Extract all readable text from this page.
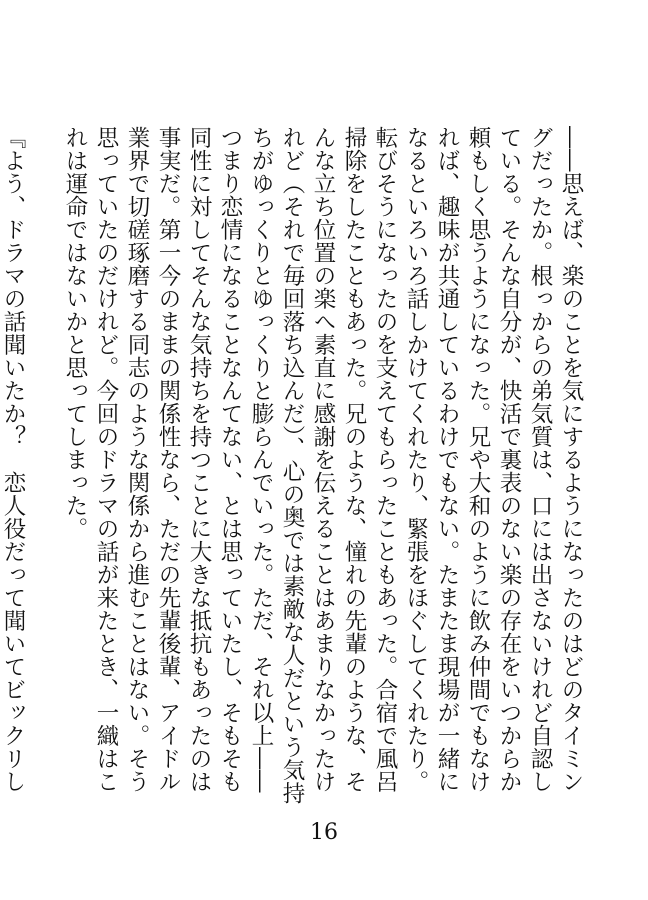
――思えば、楽のことを気にするようになったのはどのタイミングだったか。根っからの弟気質は、口には出さないけれど自認している。そんな自分が、快活で裏表のない楽の存在をいつからか頼もしく思うようになった。兄や大和のように飲み仲間でもなければ、趣味が共通しているわけでもない。たまたま現場が一緒になるといろいろ話しかけてくれたり、緊張をほぐしてくれたり。転びそうになったのを支えてもらったこともあった。合宿で風呂掃除をしたこともあった。兄のような、憧れの先輩のような、そんな立ち位置の楽へ素直に感謝を伝えることはあまりなかったけれど（それで毎回落ち込んだ）、心の奥では素敵な人だという気持ちがゆっくりとゆっくりと膨らんでいった。ただ、それ以上――つまり恋情になることなんてない、とは思っていたし、そもそも同性に対してそんな気持ちを持つことに大きな抵抗もあったのは事実だ。第一今のままの関係性なら、ただの先輩後輩、アイドル業界で切磋琢磨する同志のような関係から進むことはない。そう思っていたのだけれど。今回のドラマの話が来たとき、一織はこれは運命ではないかと思ってしまった。

『よう、ドラマの話聞いたか？　恋人役だって聞いてビックリし

16
